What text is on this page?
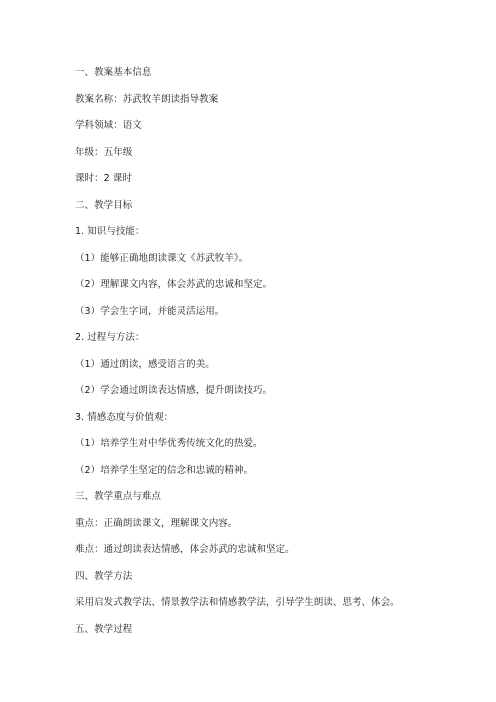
一、教案基本信息
教案名称：苏武牧羊朗读指导教案
学科领域：语文
年级：五年级
课时：2 课时
二、教学目标
1. 知识与技能：
（1）能够正确地朗读课文《苏武牧羊》。
（2）理解课文内容，体会苏武的忠诚和坚定。
（3）学会生字词，并能灵活运用。
2. 过程与方法：
（1）通过朗读，感受语言的美。
（2）学会通过朗读表达情感，提升朗读技巧。
3. 情感态度与价值观：
（1）培养学生对中华优秀传统文化的热爱。
（2）培养学生坚定的信念和忠诚的精神。
三、教学重点与难点
重点：正确朗读课文，理解课文内容。
难点：通过朗读表达情感，体会苏武的忠诚和坚定。
四、教学方法
采用启发式教学法、情景教学法和情感教学法，引导学生朗读、思考、体会。
五、教学过程
